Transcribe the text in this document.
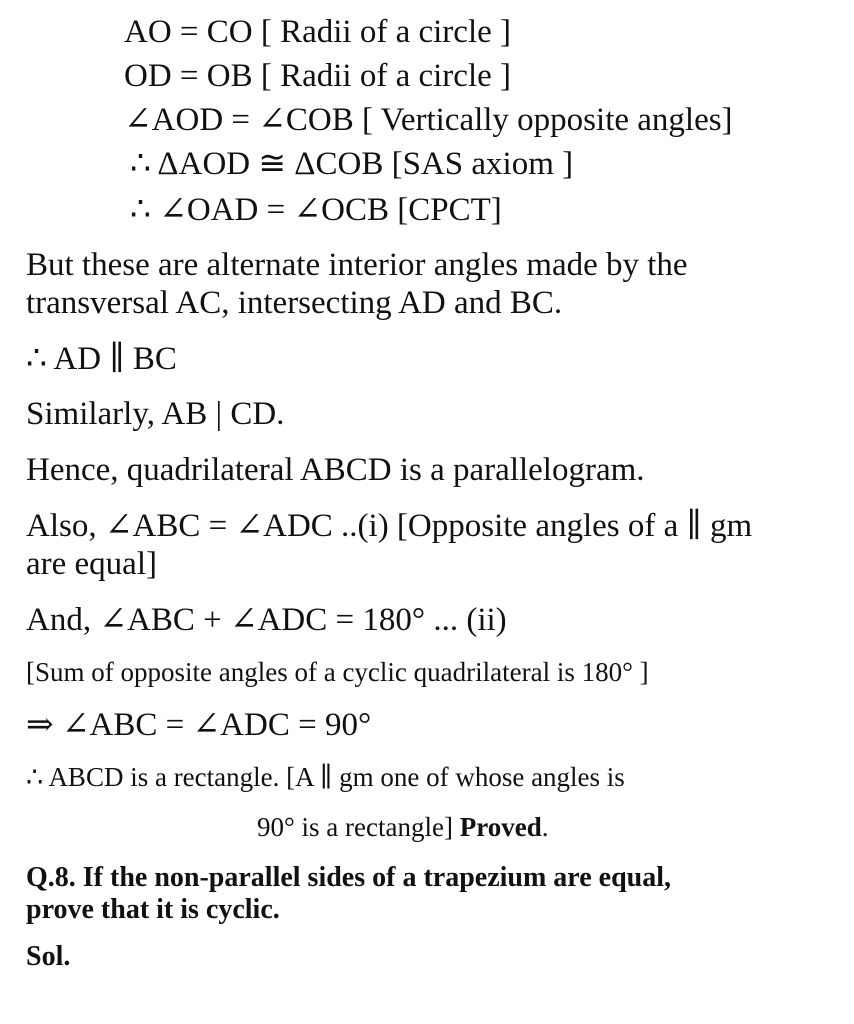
AO = CO [ Radii of a circle ]
OD = OB [ Radii of a circle ]
∠AOD = ∠COB [ Vertically opposite angles]
∴ ΔAOD ≅ ΔCOB [SAS axiom ]
∴ ∠OAD = ∠OCB [CPCT]
But these are alternate interior angles made by the
transversal AC, intersecting AD and BC.
∴ AD ∥ BC
Similarly, AB | CD.
Hence, quadrilateral ABCD is a parallelogram.
Also, ∠ABC = ∠ADC ..(i) [Opposite angles of a ∥ gm
are equal]
And, ∠ABC + ∠ADC = 180° ... (ii)
[Sum of opposite angles of a cyclic quadrilateral is 180° ]
⇒ ∠ABC = ∠ADC = 90°
∴ ABCD is a rectangle. [A ∥ gm one of whose angles is
90° is a rectangle] Proved.
Q.8. If the non-parallel sides of a trapezium are equal,
prove that it is cyclic.
Sol.
